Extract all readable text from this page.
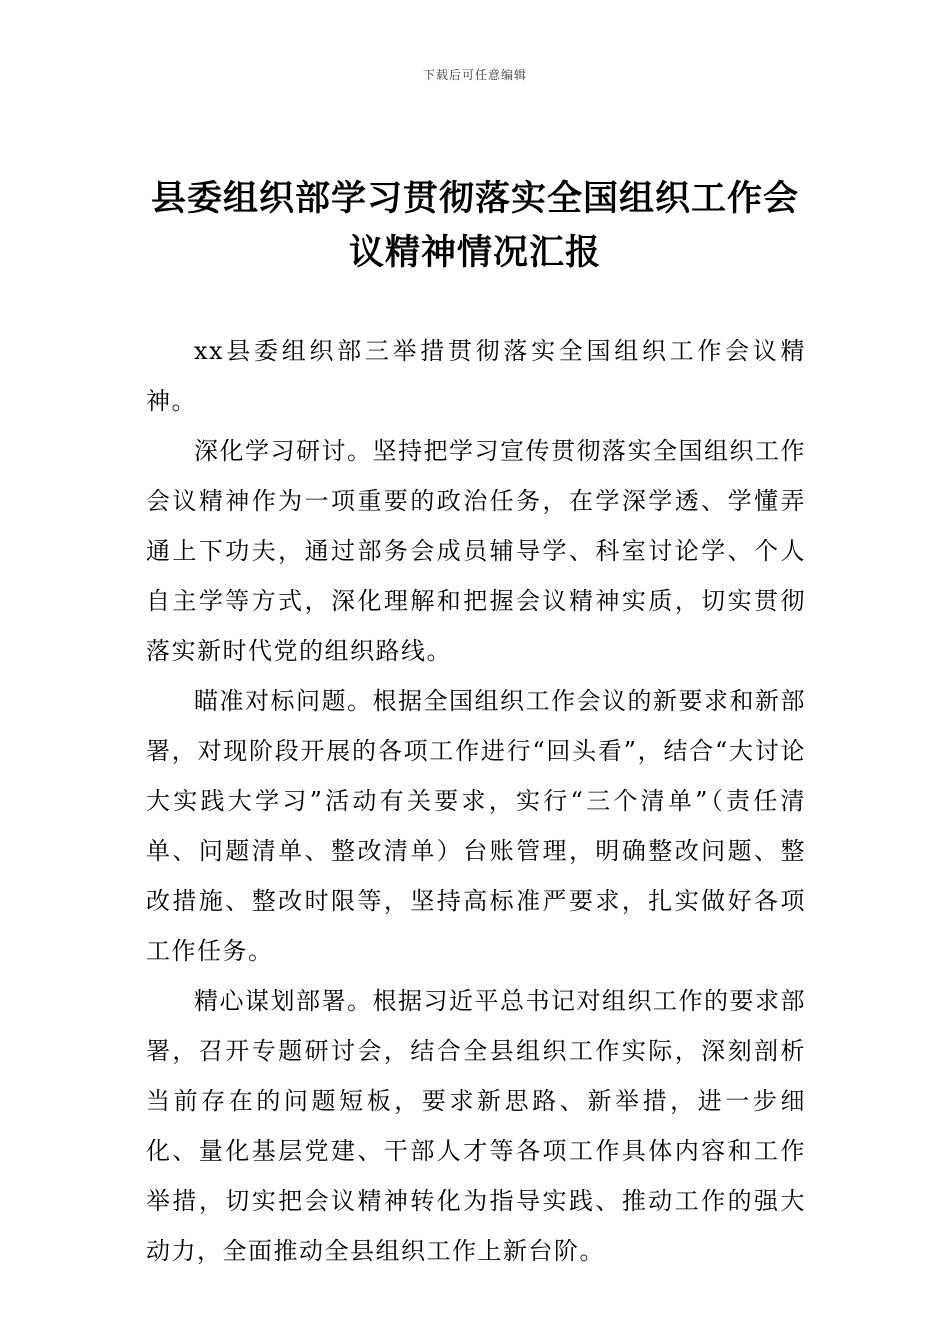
下载后可任意编辑
县委组织部学习贯彻落实全国组织工作会
议精神情况汇报

xx县委组织部三举措贯彻落实全国组织工作会议精神。

深化学习研讨。坚持把学习宣传贯彻落实全国组织工作会议精神作为一项重要的政治任务，在学深学透、学懂弄通上下功夫，通过部务会成员辅导学、科室讨论学、个人自主学等方式，深化理解和把握会议精神实质，切实贯彻落实新时代党的组织路线。

瞄准对标问题。根据全国组织工作会议的新要求和新部署，对现阶段开展的各项工作进行“回头看”，结合“大讨论大实践大学习”活动有关要求，实行“三个清单”（责任清单、问题清单、整改清单）台账管理，明确整改问题、整改措施、整改时限等，坚持高标准严要求，扎实做好各项工作任务。

精心谋划部署。根据习近平总书记对组织工作的要求部署，召开专题研讨会，结合全县组织工作实际，深刻剖析当前存在的问题短板，要求新思路、新举措，进一步细化、量化基层党建、干部人才等各项工作具体内容和工作举措，切实把会议精神转化为指导实践、推动工作的强大动力，全面推动全县组织工作上新台阶。
